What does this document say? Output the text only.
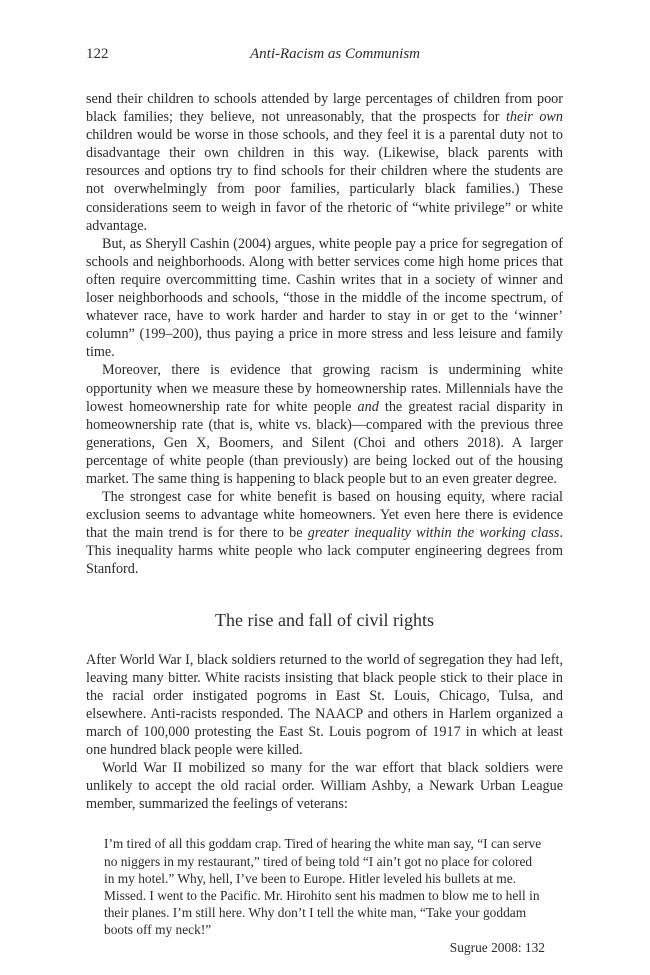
122	Anti-Racism as Communism

send their children to schools attended by large percentages of children from poor black families; they believe, not unreasonably, that the prospects for their own children would be worse in those schools, and they feel it is a parental duty not to disadvantage their own children in this way. (Likewise, black parents with resources and options try to find schools for their children where the students are not overwhelmingly from poor families, particularly black families.) These considerations seem to weigh in favor of the rhetoric of “white privilege” or white advantage.

But, as Sheryll Cashin (2004) argues, white people pay a price for segregation of schools and neighborhoods. Along with better services come high home prices that often require overcommitting time. Cashin writes that in a society of winner and loser neighborhoods and schools, “those in the middle of the income spectrum, of whatever race, have to work harder and harder to stay in or get to the ‘winner’ column” (199–200), thus paying a price in more stress and less leisure and family time.

Moreover, there is evidence that growing racism is undermining white opportunity when we measure these by homeownership rates. Millennials have the lowest homeownership rate for white people and the greatest racial disparity in homeownership rate (that is, white vs. black)—compared with the previous three generations, Gen X, Boomers, and Silent (Choi and others 2018). A larger percentage of white people (than previously) are being locked out of the housing market. The same thing is happening to black people but to an even greater degree.

The strongest case for white benefit is based on housing equity, where racial exclusion seems to advantage white homeowners. Yet even here there is evidence that the main trend is for there to be greater inequality within the working class. This inequality harms white people who lack computer engineering degrees from Stanford.

The rise and fall of civil rights

After World War I, black soldiers returned to the world of segregation they had left, leaving many bitter. White racists insisting that black people stick to their place in the racial order instigated pogroms in East St. Louis, Chicago, Tulsa, and elsewhere. Anti-racists responded. The NAACP and others in Harlem organized a march of 100,000 protesting the East St. Louis pogrom of 1917 in which at least one hundred black people were killed.

World War II mobilized so many for the war effort that black soldiers were unlikely to accept the old racial order. William Ashby, a Newark Urban League member, summarized the feelings of veterans:

I’m tired of all this goddam crap. Tired of hearing the white man say, “I can serve no niggers in my restaurant,” tired of being told “I ain’t got no place for colored in my hotel.” Why, hell, I’ve been to Europe. Hitler leveled his bullets at me. Missed. I went to the Pacific. Mr. Hirohito sent his madmen to blow me to hell in their planes. I’m still here. Why don’t I tell the white man, “Take your goddam boots off my neck!”

Sugrue 2008: 132
